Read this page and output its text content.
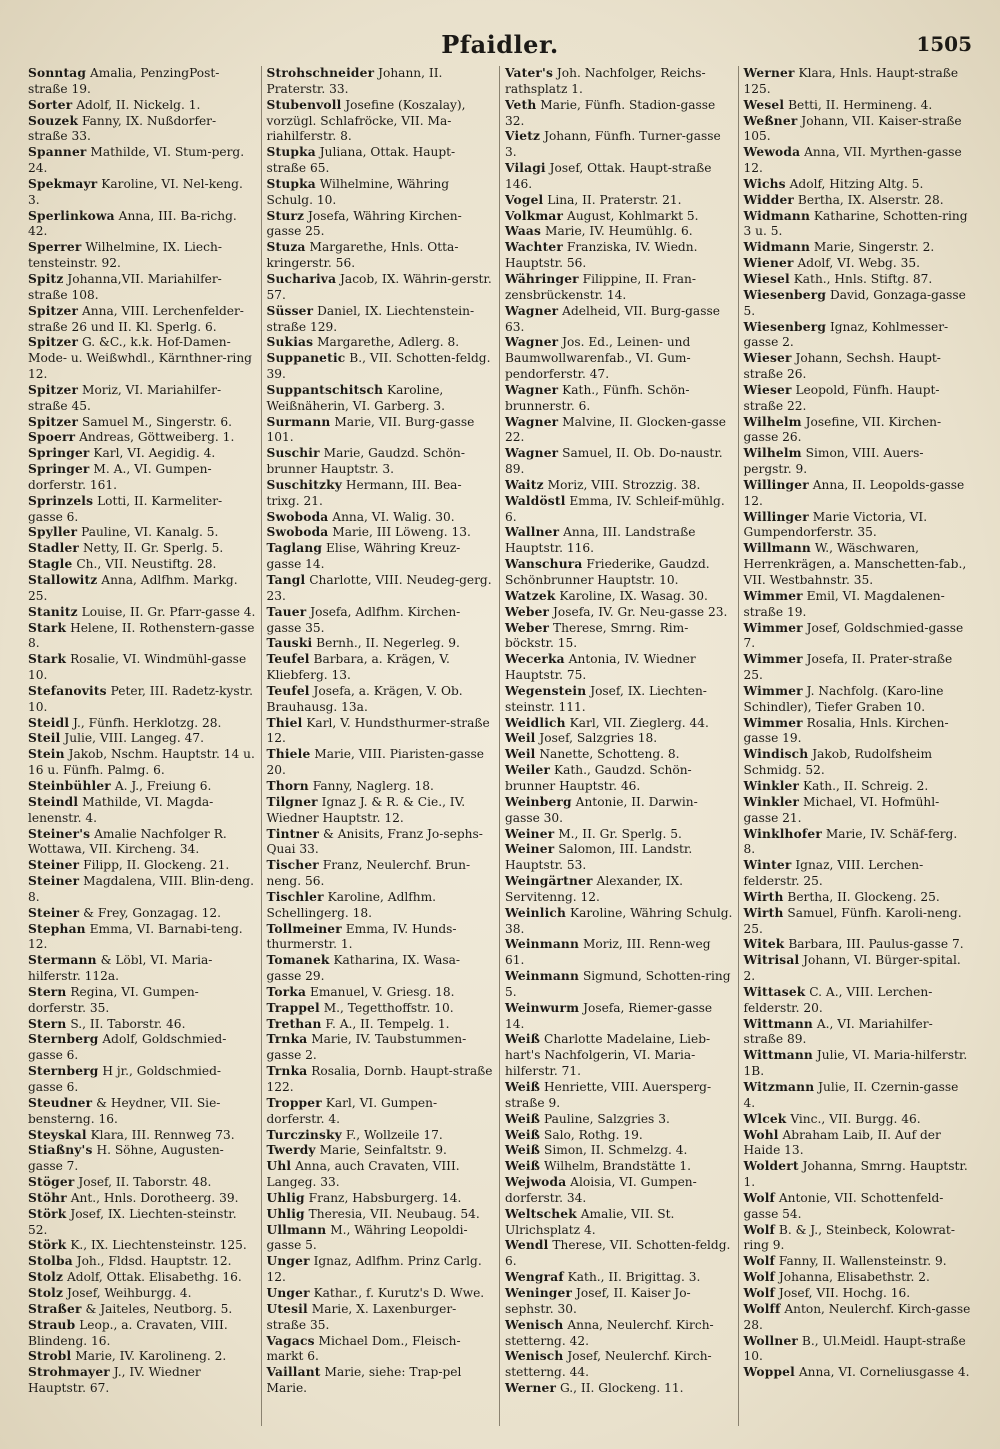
Pfaidler.	1505
Sonntag Amalia, PenzingPost-straße 19.
Sorter Adolf, II. Nickelg. 1.
Souzek Fanny, IX. Nußdorfer-straße 33.
Spanner Mathilde, VI. Stum-perg. 24.
Spekmayr Karoline, VI. Nel-keng. 3.
Sperlinkowa Anna, III. Ba-richg. 42.
Sperrer Wilhelmine, IX. Liech-tensteinstr. 92.
Spitz Johanna,VII. Mariahilfer-straße 108.
Spitzer Anna, VIII. Lerchenfelder-straße 26 und II. Kl. Sperlg. 6.
Spitzer G. &C., k.k. Hof-Damen-Mode- u. Weißwhdl., Kärnthner-ring 12.
Spitzer Moriz, VI. Mariahilfer-straße 45.
Spitzer Samuel M., Singerstr. 6.
Spoerr Andreas, Göttweiberg. 1.
Springer Karl, VI. Aegidig. 4.
Springer M. A., VI. Gumpen-dorferstr. 161.
Sprinzels Lotti, II. Karmeliter-gasse 6.
Spyller Pauline, VI. Kanalg. 5.
Stadler Netty, II. Gr. Sperlg. 5.
Stagle Ch., VII. Neustiftg. 28.
Stallowitz Anna, Adlfhm. Markg. 25.
Stanitz Louise, II. Gr. Pfarr-gasse 4.
Stark Helene, II. Rothenstern-gasse 8.
Stark Rosalie, VI. Windmühl-gasse 10.
Stefanovits Peter, III. Radetz-kystr. 10.
Steidl J., Fünfh. Herklotzg. 28.
Steil Julie, VIII. Langeg. 47.
Stein Jakob, Nschm. Hauptstr. 14 u. 16 u. Fünfh. Palmg. 6.
Steinbühler A. J., Freiung 6.
Steindl Mathilde, VI. Magda-lenenstr. 4.
Steiner's Amalie Nachfolger R. Wottawa, VII. Kircheng. 34.
Steiner Filipp, II. Glockeng. 21.
Steiner Magdalena, VIII. Blin-deng. 8.
Steiner & Frey, Gonzagag. 12.
Stephan Emma, VI. Barnabi-teng. 12.
Stermann & Löbl, VI. Maria-hilferstr. 112a.
Stern Regina, VI. Gumpen-dorferstr. 35.
Stern S., II. Taborstr. 46.
Sternberg Adolf, Goldschmied-gasse 6.
Sternberg H jr., Goldschmied-gasse 6.
Steudner & Heydner, VII. Sie-bensterng. 16.
Steyskal Klara, III. Rennweg 73.
Stiaßny's H. Söhne, Augusten-gasse 7.
Stöger Josef, II. Taborstr. 48.
Stöhr Ant., Hnls. Dorotheerg. 39.
Störk Josef, IX. Liechten-steinstr. 52.
Störk K., IX. Liechtensteinstr. 125.
Stolba Joh., Fldsd. Hauptstr. 12.
Stolz Adolf, Ottak. Elisabethg. 16.
Stolz Josef, Weihburgg. 4.
Straßer & Jaiteles, Neutborg. 5.
Straub Leop., a. Cravaten, VIII. Blindeng. 16.
Strobl Marie, IV. Karolineng. 2.
Strohmayer J., IV. Wiedner Hauptstr. 67.
Strohschneider Johann, II. Praterstr. 33.
Stubenvoll Josefine (Koszalay), vorzügl. Schlafröcke, VII. Ma-riahilferstr. 8.
Stupka Juliana, Ottak. Haupt-straße 65.
Stupka Wilhelmine, Währing Schulg. 10.
Sturz Josefa, Währing Kirchen-gasse 25.
Stuza Margarethe, Hnls. Otta-kringerstr. 56.
Suchariva Jacob, IX. Währin-gerstr. 57.
Süsser Daniel, IX. Liechtenstein-straße 129.
Sukias Margarethe, Adlerg. 8.
Suppanetic B., VII. Schotten-feldg. 39.
Suppantschitsch Karoline, Weißnäherin, VI. Garberg. 3.
Surmann Marie, VII. Burg-gasse 101.
Suschir Marie, Gaudzd. Schön-brunner Hauptstr. 3.
Suschitzky Hermann, III. Bea-trixg. 21.
Swoboda Anna, VI. Walig. 30.
Swoboda Marie, III Löweng. 13.
Taglang Elise, Währing Kreuz-gasse 14.
Tangl Charlotte, VIII. Neudeg-gerg. 23.
Tauer Josefa, Adlfhm. Kirchen-gasse 35.
Tauski Bernh., II. Negerleg. 9.
Teufel Barbara, a. Krägen, V. Kliebferg. 13.
Teufel Josefa, a. Krägen, V. Ob. Brauhausg. 13a.
Thiel Karl, V. Hundsthurmer-straße 12.
Thiele Marie, VIII. Piaristen-gasse 20.
Thorn Fanny, Naglerg. 18.
Tilgner Ignaz J. & R. & Cie., IV. Wiedner Hauptstr. 12.
Tintner & Anisits, Franz Jo-sephs-Quai 33.
Tischer Franz, Neulerchf. Brun-neng. 56.
Tischler Karoline, Adlfhm. Schellingerg. 18.
Tollmeiner Emma, IV. Hunds-thurmerstr. 1.
Tomanek Katharina, IX. Wasa-gasse 29.
Torka Emanuel, V. Griesg. 18.
Trappel M., Tegetthoffstr. 10.
Trethan F. A., II. Tempelg. 1.
Trnka Marie, IV. Taubstummen-gasse 2.
Trnka Rosalia, Dornb. Haupt-straße 122.
Tropper Karl, VI. Gumpen-dorferstr. 4.
Turczinsky F., Wollzeile 17.
Twerdy Marie, Seinfaltstr. 9.
Uhl Anna, auch Cravaten, VIII. Langeg. 33.
Uhlig Franz, Habsburgerg. 14.
Uhlig Theresia, VII. Neubaug. 54.
Ullmann M., Währing Leopoldi-gasse 5.
Unger Ignaz, Adlfhm. Prinz Carlg. 12.
Unger Kathar., f. Kurutz's D. Wwe.
Utesil Marie, X. Laxenburger-straße 35.
Vagacs Michael Dom., Fleisch-markt 6.
Vaillant Marie, siehe: Trap-pel Marie.
Vater's Joh. Nachfolger, Reichs-rathsplatz 1.
Veth Marie, Fünfh. Stadion-gasse 32.
Vietz Johann, Fünfh. Turner-gasse 3.
Vilagi Josef, Ottak. Haupt-straße 146.
Vogel Lina, II. Praterstr. 21.
Volkmar August, Kohlmarkt 5.
Waas Marie, IV. Heumühlg. 6.
Wachter Franziska, IV. Wiedn. Hauptstr. 56.
Währinger Filippine, II. Fran-zensbrückenstr. 14.
Wagner Adelheid, VII. Burg-gasse 63.
Wagner Jos. Ed., Leinen- und Baumwollwarenfab., VI. Gum-pendorferstr. 47.
Wagner Kath., Fünfh. Schön-brunnerstr. 6.
Wagner Malvine, II. Glocken-gasse 22.
Wagner Samuel, II. Ob. Do-naustr. 89.
Waitz Moriz, VIII. Strozzig. 38.
Waldöstl Emma, IV. Schleif-mühlg. 6.
Wallner Anna, III. Landstraße Hauptstr. 116.
Wanschura Friederike, Gaudzd. Schönbrunner Hauptstr. 10.
Watzek Karoline, IX. Wasag. 30.
Weber Josefa, IV. Gr. Neu-gasse 23.
Weber Therese, Smrng. Rim-böckstr. 15.
Wecerka Antonia, IV. Wiedner Hauptstr. 75.
Wegenstein Josef, IX. Liechten-steinstr. 111.
Weidlich Karl, VII. Zieglerg. 44.
Weil Josef, Salzgries 18.
Weil Nanette, Schotteng. 8.
Weiler Kath., Gaudzd. Schön-brunner Hauptstr. 46.
Weinberg Antonie, II. Darwin-gasse 30.
Weiner M., II. Gr. Sperlg. 5.
Weiner Salomon, III. Landstr. Hauptstr. 53.
Weingärtner Alexander, IX. Servitenng. 12.
Weinlich Karoline, Währing Schulg. 38.
Weinmann Moriz, III. Renn-weg 61.
Weinmann Sigmund, Schotten-ring 5.
Weinwurm Josefa, Riemer-gasse 14.
Weiß Charlotte Madelaine, Lieb-hart's Nachfolgerin, VI. Maria-hilferstr. 71.
Weiß Henriette, VIII. Auersperg-straße 9.
Weiß Pauline, Salzgries 3.
Weiß Salo, Rothg. 19.
Weiß Simon, II. Schmelzg. 4.
Weiß Wilhelm, Brandstätte 1.
Wejwoda Aloisia, VI. Gumpen-dorferstr. 34.
Weltschek Amalie, VII. St. Ulrichsplatz 4.
Wendl Therese, VII. Schotten-feldg. 6.
Wengraf Kath., II. Brigittag. 3.
Weninger Josef, II. Kaiser Jo-sephstr. 30.
Wenisch Anna, Neulerchf. Kirch-stetterng. 42.
Wenisch Josef, Neulerchf. Kirch-stetterng. 44.
Werner G., II. Glockeng. 11.
Werner Klara, Hnls. Haupt-straße 125.
Wesel Betti, II. Hermineng. 4.
Weßner Johann, VII. Kaiser-straße 105.
Wewoda Anna, VII. Myrthen-gasse 12.
Wichs Adolf, Hitzing Altg. 5.
Widder Bertha, IX. Alserstr. 28.
Widmann Katharine, Schotten-ring 3 u. 5.
Widmann Marie, Singerstr. 2.
Wiener Adolf, VI. Webg. 35.
Wiesel Kath., Hnls. Stiftg. 87.
Wiesenberg David, Gonzaga-gasse 5.
Wiesenberg Ignaz, Kohlmesser-gasse 2.
Wieser Johann, Sechsh. Haupt-straße 26.
Wieser Leopold, Fünfh. Haupt-straße 22.
Wilhelm Josefine, VII. Kirchen-gasse 26.
Wilhelm Simon, VIII. Auers-pergstr. 9.
Willinger Anna, II. Leopolds-gasse 12.
Willinger Marie Victoria, VI. Gumpendorferstr. 35.
Willmann W., Wäschwaren, Herrenkrägen, a. Manschetten-fab., VII. Westbahnstr. 35.
Wimmer Emil, VI. Magdalenen-straße 19.
Wimmer Josef, Goldschmied-gasse 7.
Wimmer Josefa, II. Prater-straße 25.
Wimmer J. Nachfolg. (Karo-line Schindler), Tiefer Graben 10.
Wimmer Rosalia, Hnls. Kirchen-gasse 19.
Windisch Jakob, Rudolfsheim Schmidg. 52.
Winkler Kath., II. Schreig. 2.
Winkler Michael, VI. Hofmühl-gasse 21.
Winklhofer Marie, IV. Schäf-ferg. 8.
Winter Ignaz, VIII. Lerchen-felderstr. 25.
Wirth Bertha, II. Glockeng. 25.
Wirth Samuel, Fünfh. Karoli-neng. 25.
Witek Barbara, III. Paulus-gasse 7.
Witrisal Johann, VI. Bürger-spital. 2.
Wittasek C. A., VIII. Lerchen-felderstr. 20.
Wittmann A., VI. Mariahilfer-straße 89.
Wittmann Julie, VI. Maria-hilferstr. 1B.
Witzmann Julie, II. Czernin-gasse 4.
Wlcek Vinc., VII. Burgg. 46.
Wohl Abraham Laib, II. Auf der Haide 13.
Woldert Johanna, Smrng. Hauptstr. 1.
Wolf Antonie, VII. Schottenfeld-gasse 54.
Wolf B. & J., Steinbeck, Kolowrat-ring 9.
Wolf Fanny, II. Wallensteinstr. 9.
Wolf Johanna, Elisabethstr. 2.
Wolf Josef, VII. Hochg. 16.
Wolff Anton, Neulerchf. Kirch-gasse 28.
Wollner B., Ul.Meidl. Haupt-straße 10.
Woppel Anna, VI. Corneliusgasse 4.
